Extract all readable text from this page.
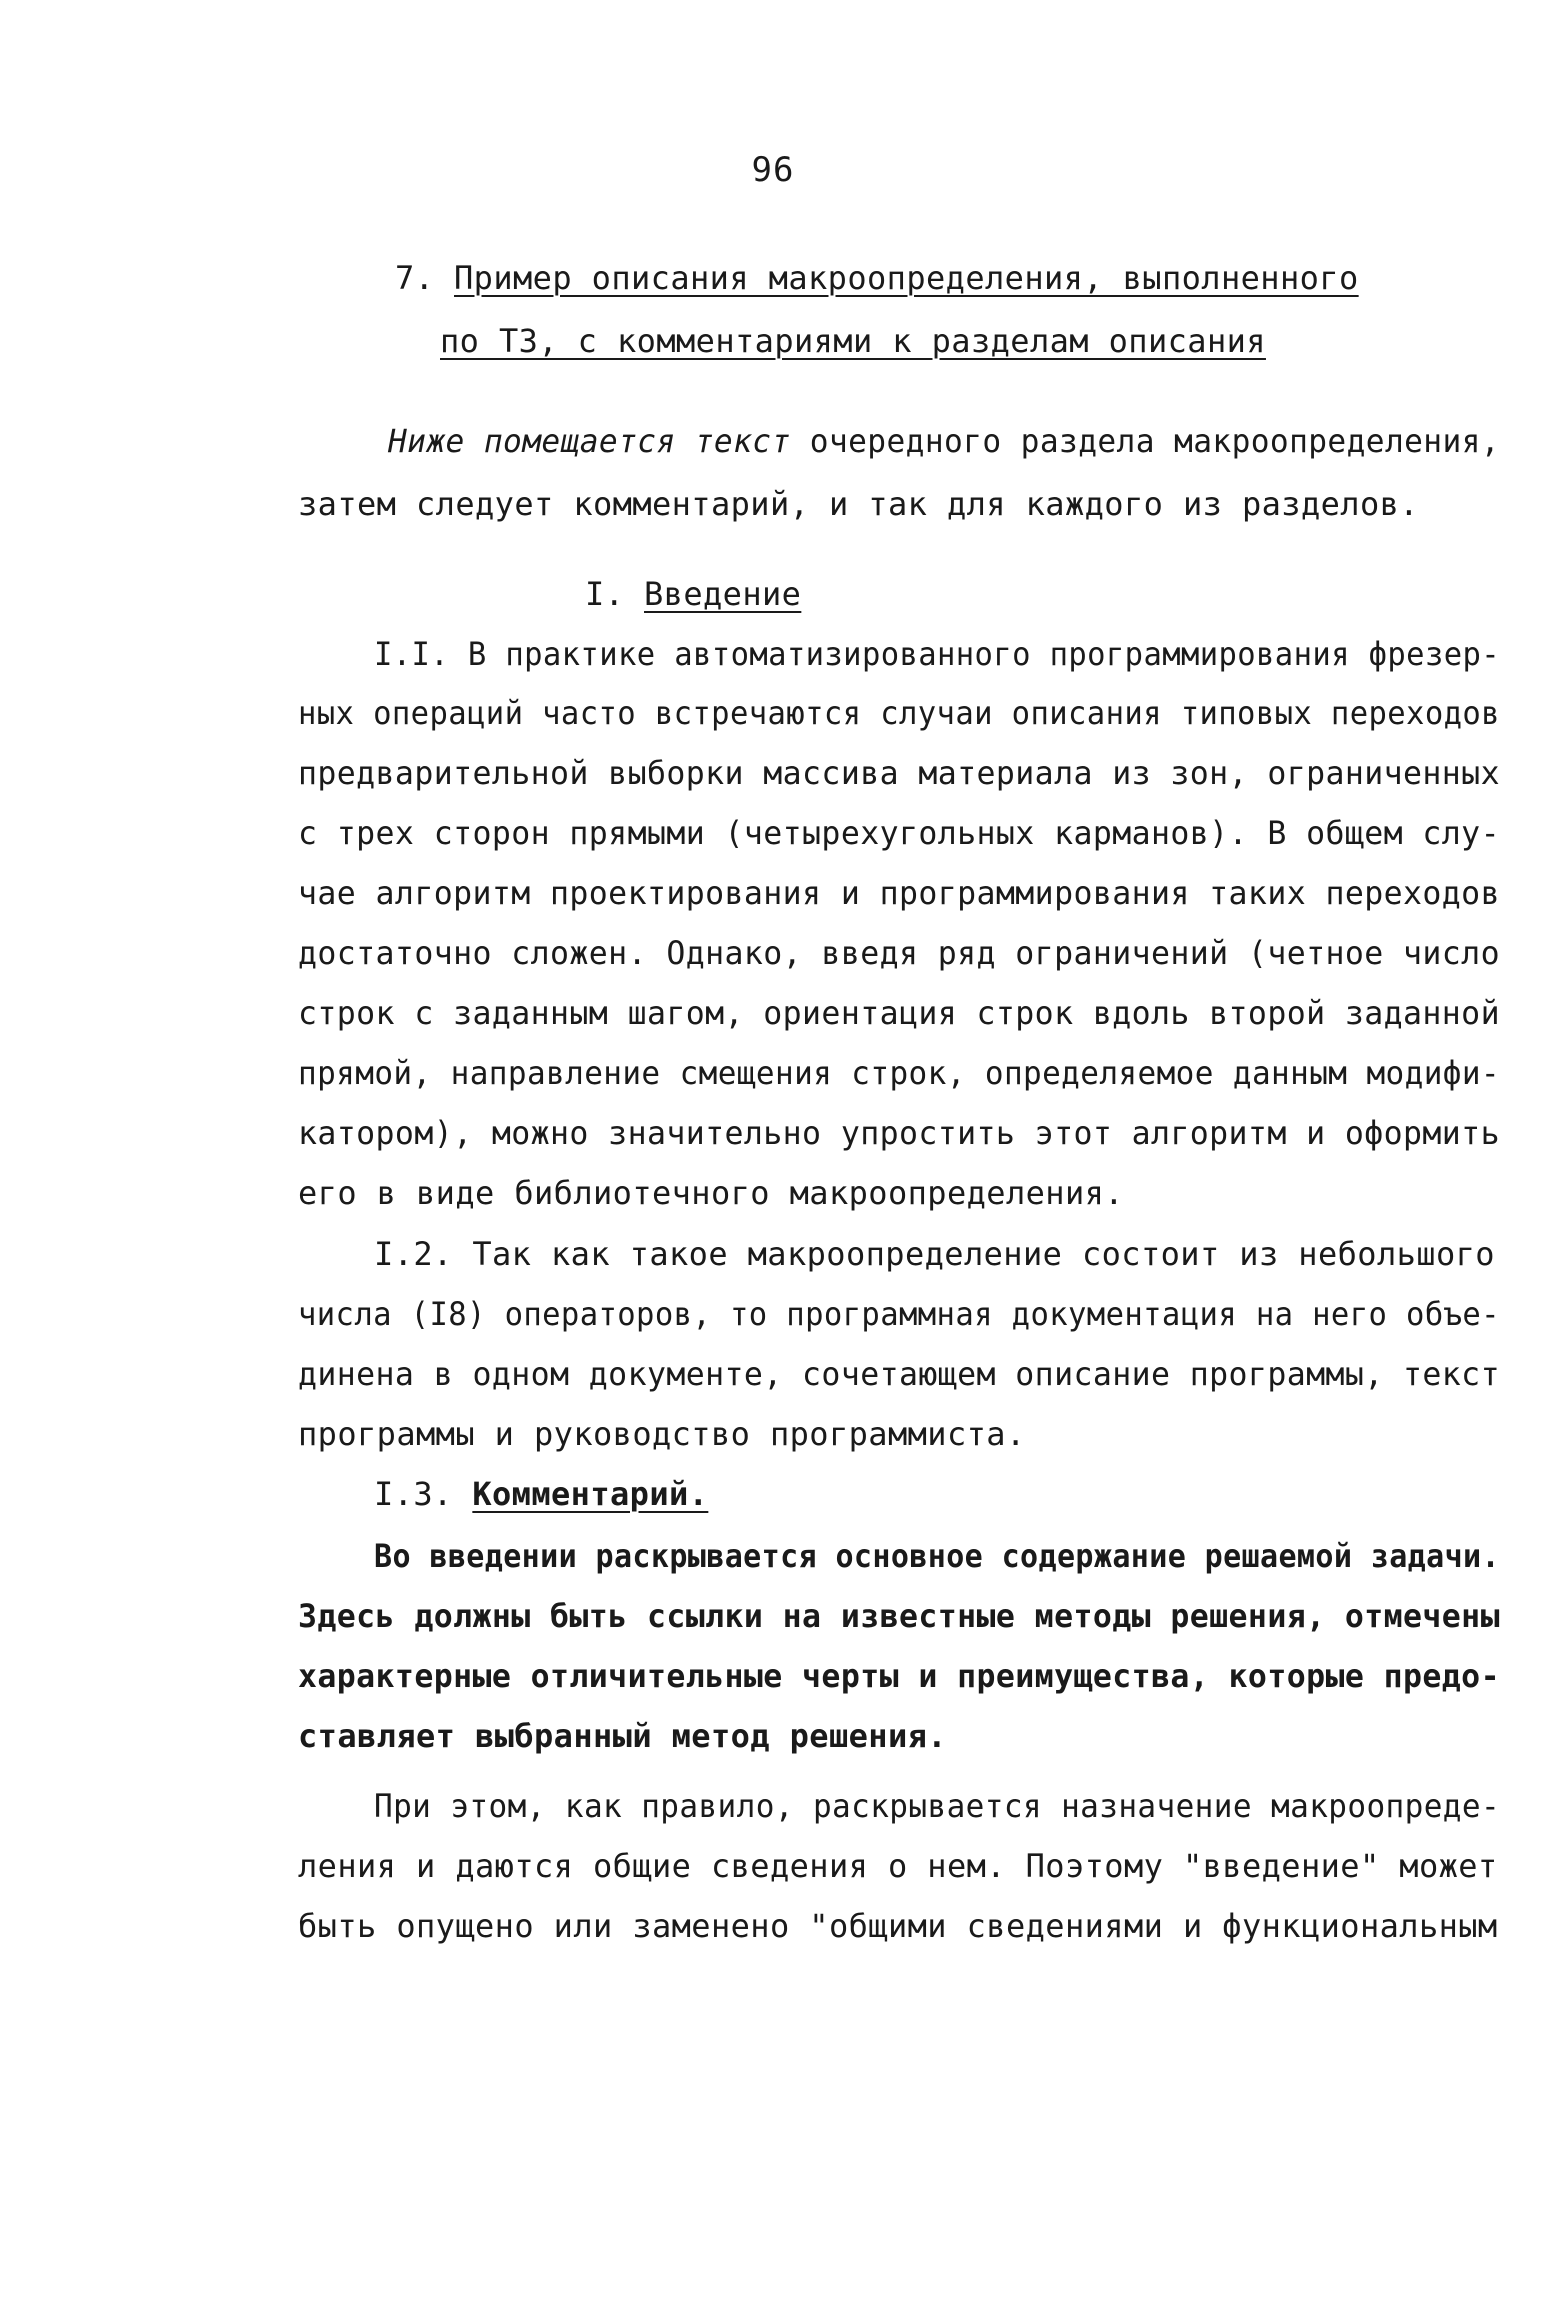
96
7. Пример описания макроопределения, выполненного
по ТЗ, с комментариями к разделам описания
Ниже помещается текст очередного раздела макроопределения,
затем следует комментарий, и так для каждого из разделов.
I. Введение
I.I. В практике автоматизированного программирования фрезер-
ных операций часто встречаются случаи описания типовых переходов
предварительной выборки массива материала из зон, ограниченных
с трех сторон прямыми (четырехугольных карманов). В общем слу-
чае алгоритм проектирования и программирования таких переходов
достаточно сложен. Однако, введя ряд ограничений (четное число
строк с заданным шагом, ориентация строк вдоль второй заданной
прямой, направление смещения строк, определяемое данным модифи-
катором), можно значительно упростить этот алгоритм и оформить
его в виде библиотечного макроопределения.
I.2. Так как такое макроопределение состоит из небольшого
числа (I8) операторов, то программная документация на него объе-
динена в одном документе, сочетающем описание программы, текст
программы и руководство программиста.
I.3. Комментарий.
Во введении раскрывается основное содержание решаемой задачи.
Здесь должны быть ссылки на известные методы решения, отмечены
характерные отличительные черты и преимущества, которые предо-
ставляет выбранный метод решения.
При этом, как правило, раскрывается назначение макроопреде-
ления и даются общие сведения о нем. Поэтому "введение" может
быть опущено или заменено "общими сведениями и функциональным
